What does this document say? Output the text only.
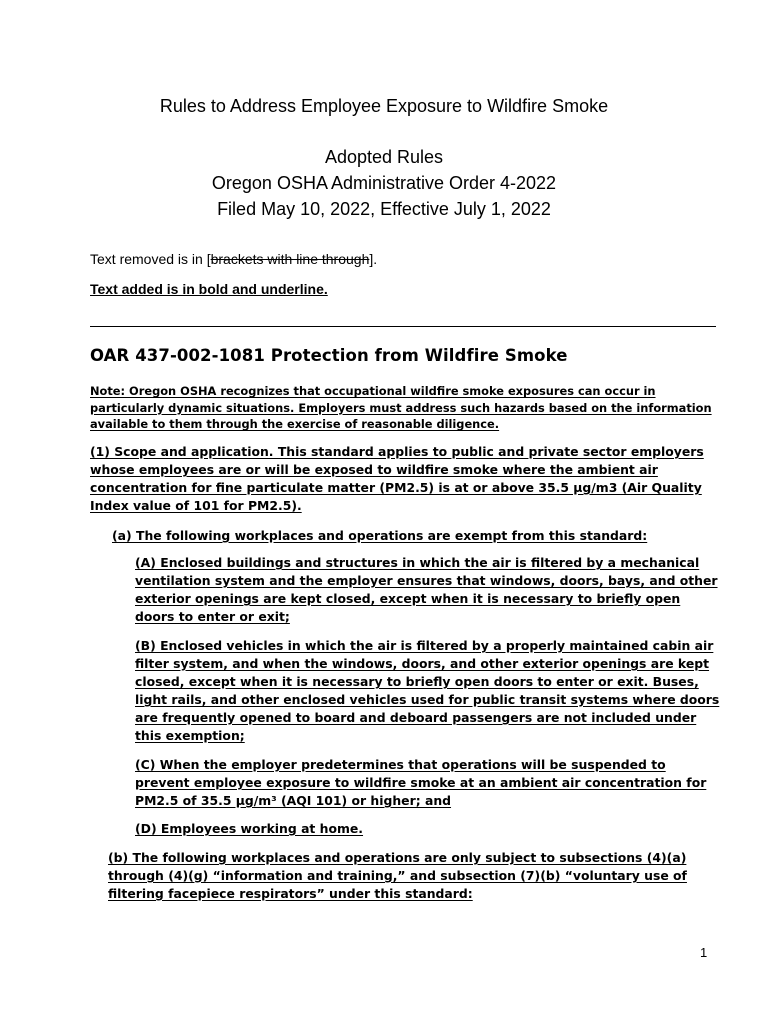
Rules to Address Employee Exposure to Wildfire Smoke
Adopted Rules
Oregon OSHA Administrative Order 4-2022
Filed May 10, 2022, Effective July 1, 2022
Text removed is in [brackets with line through].
Text added is in bold and underline.
OAR 437-002-1081 Protection from Wildfire Smoke

Note: Oregon OSHA recognizes that occupational wildfire smoke exposures can occur in particularly dynamic situations. Employers must address such hazards based on the information available to them through the exercise of reasonable diligence.

(1) Scope and application. This standard applies to public and private sector employers whose employees are or will be exposed to wildfire smoke where the ambient air concentration for fine particulate matter (PM2.5) is at or above 35.5 μg/m3 (Air Quality Index value of 101 for PM2.5).

(a) The following workplaces and operations are exempt from this standard:

(A) Enclosed buildings and structures in which the air is filtered by a mechanical ventilation system and the employer ensures that windows, doors, bays, and other exterior openings are kept closed, except when it is necessary to briefly open doors to enter or exit;

(B) Enclosed vehicles in which the air is filtered by a properly maintained cabin air filter system, and when the windows, doors, and other exterior openings are kept closed, except when it is necessary to briefly open doors to enter or exit. Buses, light rails, and other enclosed vehicles used for public transit systems where doors are frequently opened to board and deboard passengers are not included under this exemption;

(C) When the employer predetermines that operations will be suspended to prevent employee exposure to wildfire smoke at an ambient air concentration for PM2.5 of 35.5 μg/m³ (AQI 101) or higher; and

(D) Employees working at home.

(b) The following workplaces and operations are only subject to subsections (4)(a) through (4)(g) “information and training,” and subsection (7)(b) “voluntary use of filtering facepiece respirators” under this standard:

1
